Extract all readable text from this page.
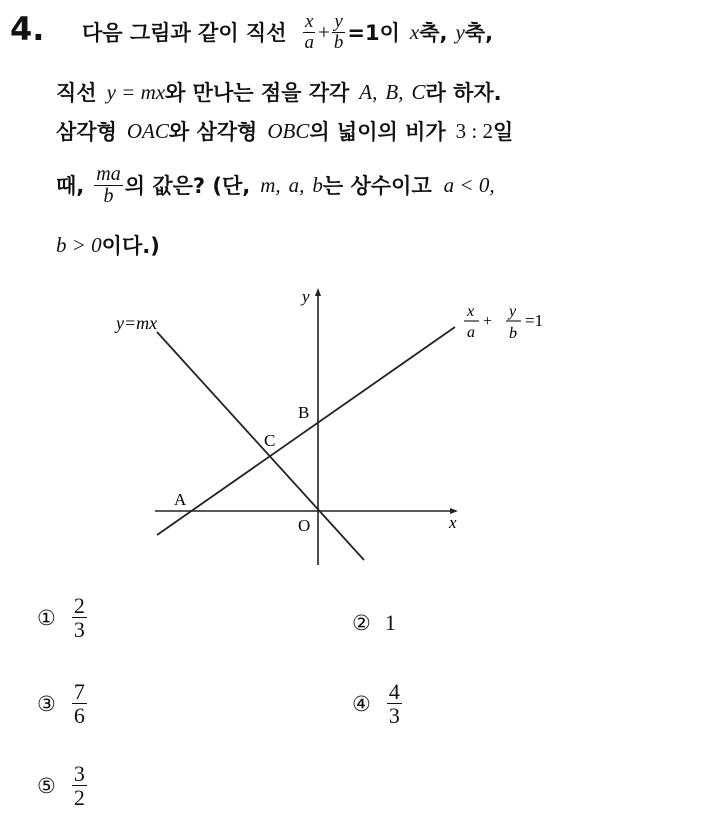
4. 다음 그림과 같이 직선 $\frac{x}{a} + \frac{y}{b} =1$이 x 축, y 축,
직선 y = mx 와 만나는 점을 각각 A, B, C 라 하자.
삼각형 OAC 와 삼각형 OBC 의 넓이의 비가 3 : 2 일
때, $\frac{ma}{b}$ 의 값은? (단, m, a, b 는 상수이고 a < 0,
b > 0 이다.)
y
x
y=mx
x
a
+
y
b
=1
A
B
C
O
① $\frac{2}{3}$	② 1
③ $\frac{7}{6}$	④ $\frac{4}{3}$
⑤ $\frac{3}{2}$
